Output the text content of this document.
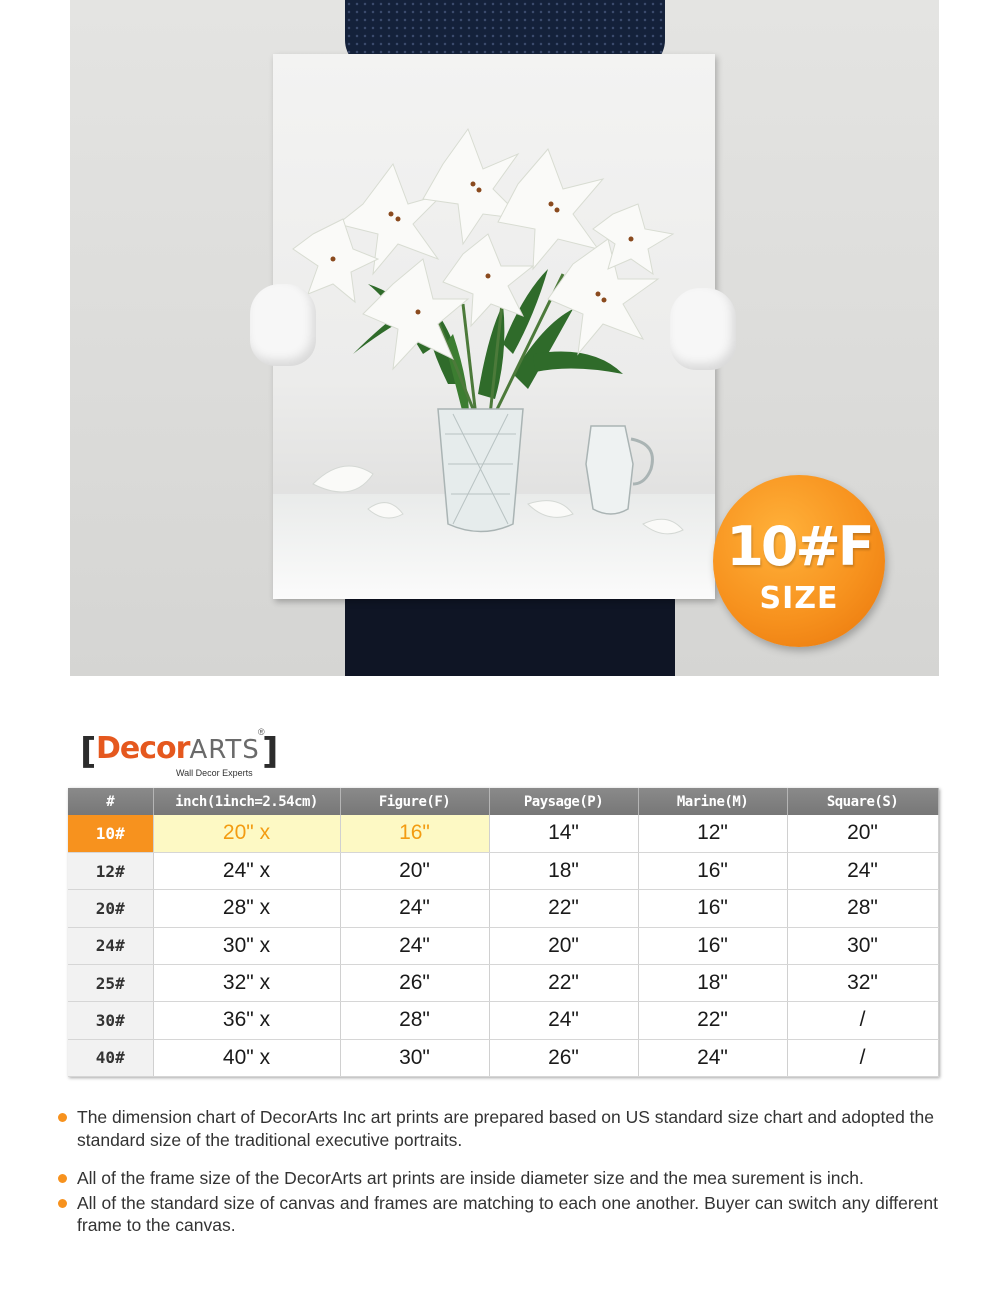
10#F
SIZE
[ DecorARTS ]
®
Wall Decor Experts
#	inch(1inch=2.54cm)	Figure(F)	Paysage(P)	Marine(M)	Square(S)
10#	20" x	16"	14"	12"	20"
12#	24" x	20"	18"	16"	24"
20#	28" x	24"	22"	16"	28"
24#	30" x	24"	20"	16"	30"
25#	32" x	26"	22"	18"	32"
30#	36" x	28"	24"	22"	/
40#	40" x	30"	26"	24"	/
The dimension chart of DecorArts Inc art prints are prepared based on US standard size chart and adopted the standard size of the traditional executive portraits.
All of the frame size of the DecorArts art prints are inside diameter size and the mea surement is inch.
All of the standard size of canvas and frames are matching to each one another. Buyer can switch any different frame to the canvas.
